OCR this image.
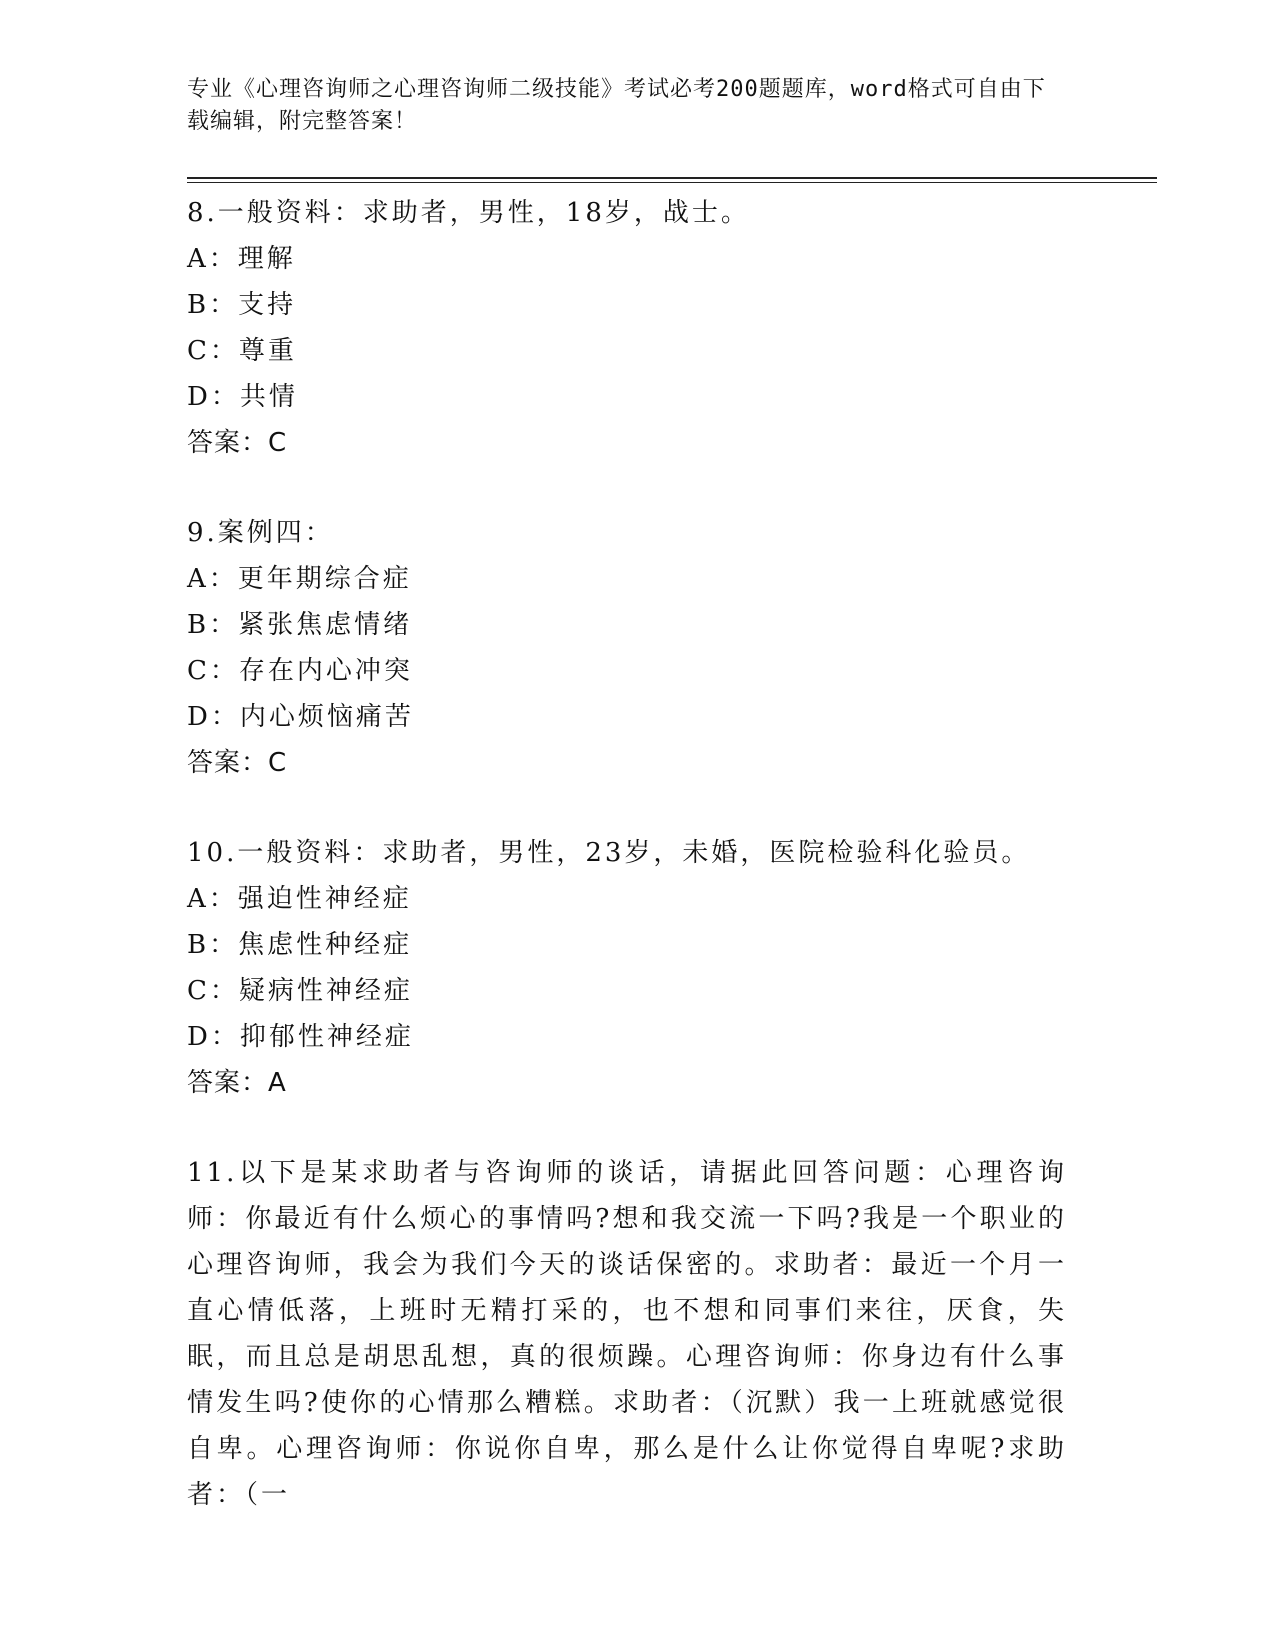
专业《心理咨询师之心理咨询师二级技能》考试必考200题题库，word格式可自由下载编辑，附完整答案！
8.一般资料：求助者，男性，18岁，战士。
A：理解
B：支持
C：尊重
D：共情
答案：C
9.案例四：
A：更年期综合症
B：紧张焦虑情绪
C：存在内心冲突
D：内心烦恼痛苦
答案：C
10.一般资料：求助者，男性，23岁，未婚，医院检验科化验员。
A：强迫性神经症
B：焦虑性种经症
C：疑病性神经症
D：抑郁性神经症
答案：A
11.以下是某求助者与咨询师的谈话，请据此回答问题：心理咨询师：你最近有什么烦心的事情吗?想和我交流一下吗?我是一个职业的心理咨询师，我会为我们今天的谈话保密的。求助者：最近一个月一直心情低落，上班时无精打采的，也不想和同事们来往，厌食，失眠，而且总是胡思乱想，真的很烦躁。心理咨询师：你身边有什么事情发生吗?使你的心情那么糟糕。求助者：（沉默）我一上班就感觉很自卑。心理咨询师：你说你自卑，那么是什么让你觉得自卑呢?求助者：（一
